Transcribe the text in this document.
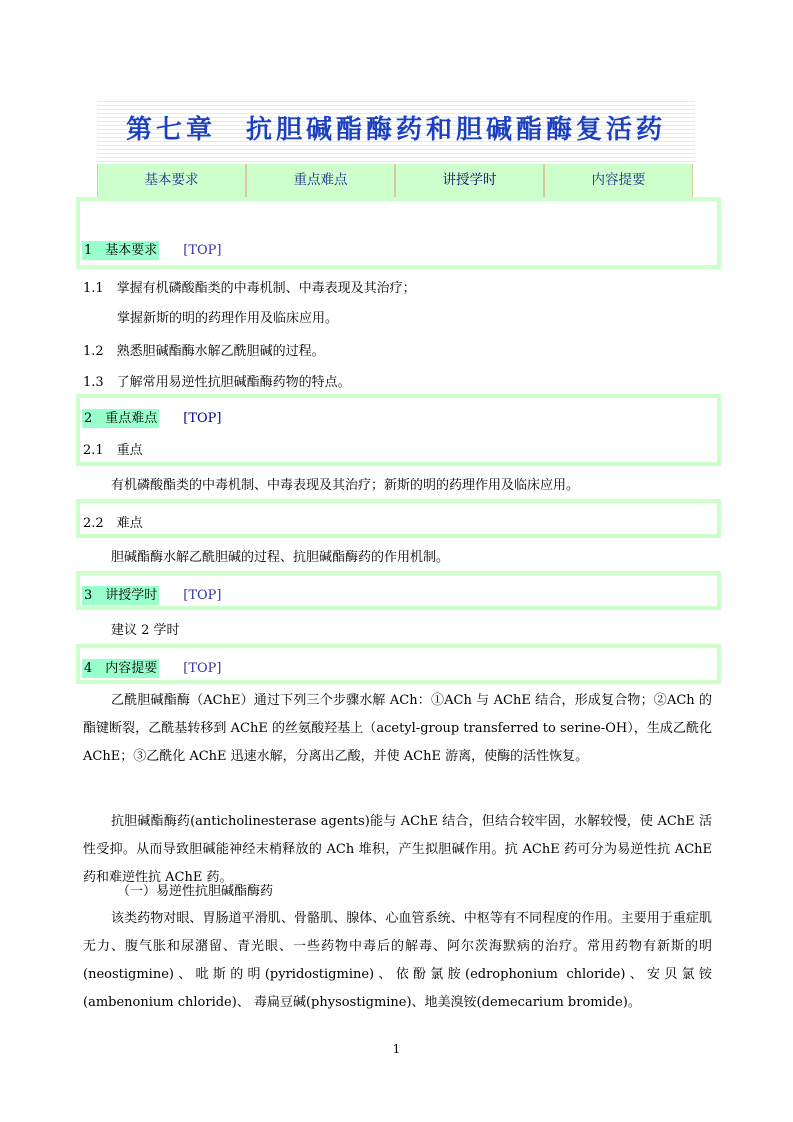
第七章　抗胆碱酯酶药和胆碱酯酶复活药
基本要求	重点难点	讲授学时	内容提要
1　基本要求 [TOP]
1.1　掌握有机磷酸酯类的中毒机制、中毒表现及其治疗；
掌握新斯的明的药理作用及临床应用。
1.2　熟悉胆碱酯酶水解乙酰胆碱的过程。
1.3　了解常用易逆性抗胆碱酯酶药物的特点。
2　重点难点 [TOP]
2.1　重点
有机磷酸酯类的中毒机制、中毒表现及其治疗；新斯的明的药理作用及临床应用。
2.2　难点
胆碱酯酶水解乙酰胆碱的过程、抗胆碱酯酶药的作用机制。
3　讲授学时 [TOP]
建议 2 学时
4　内容提要 [TOP]
乙酰胆碱酯酶（AChE）通过下列三个步骤水解 ACh：①ACh 与 AChE 结合，形成复合物；②ACh 的酯键断裂，乙酰基转移到 AChE 的丝氨酸羟基上（acetyl-group transferred to serine-OH），生成乙酰化 AChE；③乙酰化 AChE 迅速水解，分离出乙酸，并使 AChE 游离，使酶的活性恢复。
抗胆碱酯酶药(anticholinesterase agents)能与 AChE 结合，但结合较牢固，水解较慢，使 AChE 活性受抑。从而导致胆碱能神经末梢释放的 ACh 堆积，产生拟胆碱作用。抗 AChE 药可分为易逆性抗 AChE 药和难逆性抗 AChE 药。
（一）易逆性抗胆碱酯酶药
该类药物对眼、胃肠道平滑肌、骨骼肌、腺体、心血管系统、中枢等有不同程度的作用。主要用于重症肌无力、腹气胀和尿潴留、青光眼、一些药物中毒后的解毒、阿尔茨海默病的治疗。常用药物有新斯的明(neostigmine)、吡斯的明(pyridostigmine)、依酚氯胺(edrophonium chloride)、安贝氯铵(ambenonium chloride)、 毒扁豆碱(physostigmine)、地美溴铵(demecarium bromide)。
1
